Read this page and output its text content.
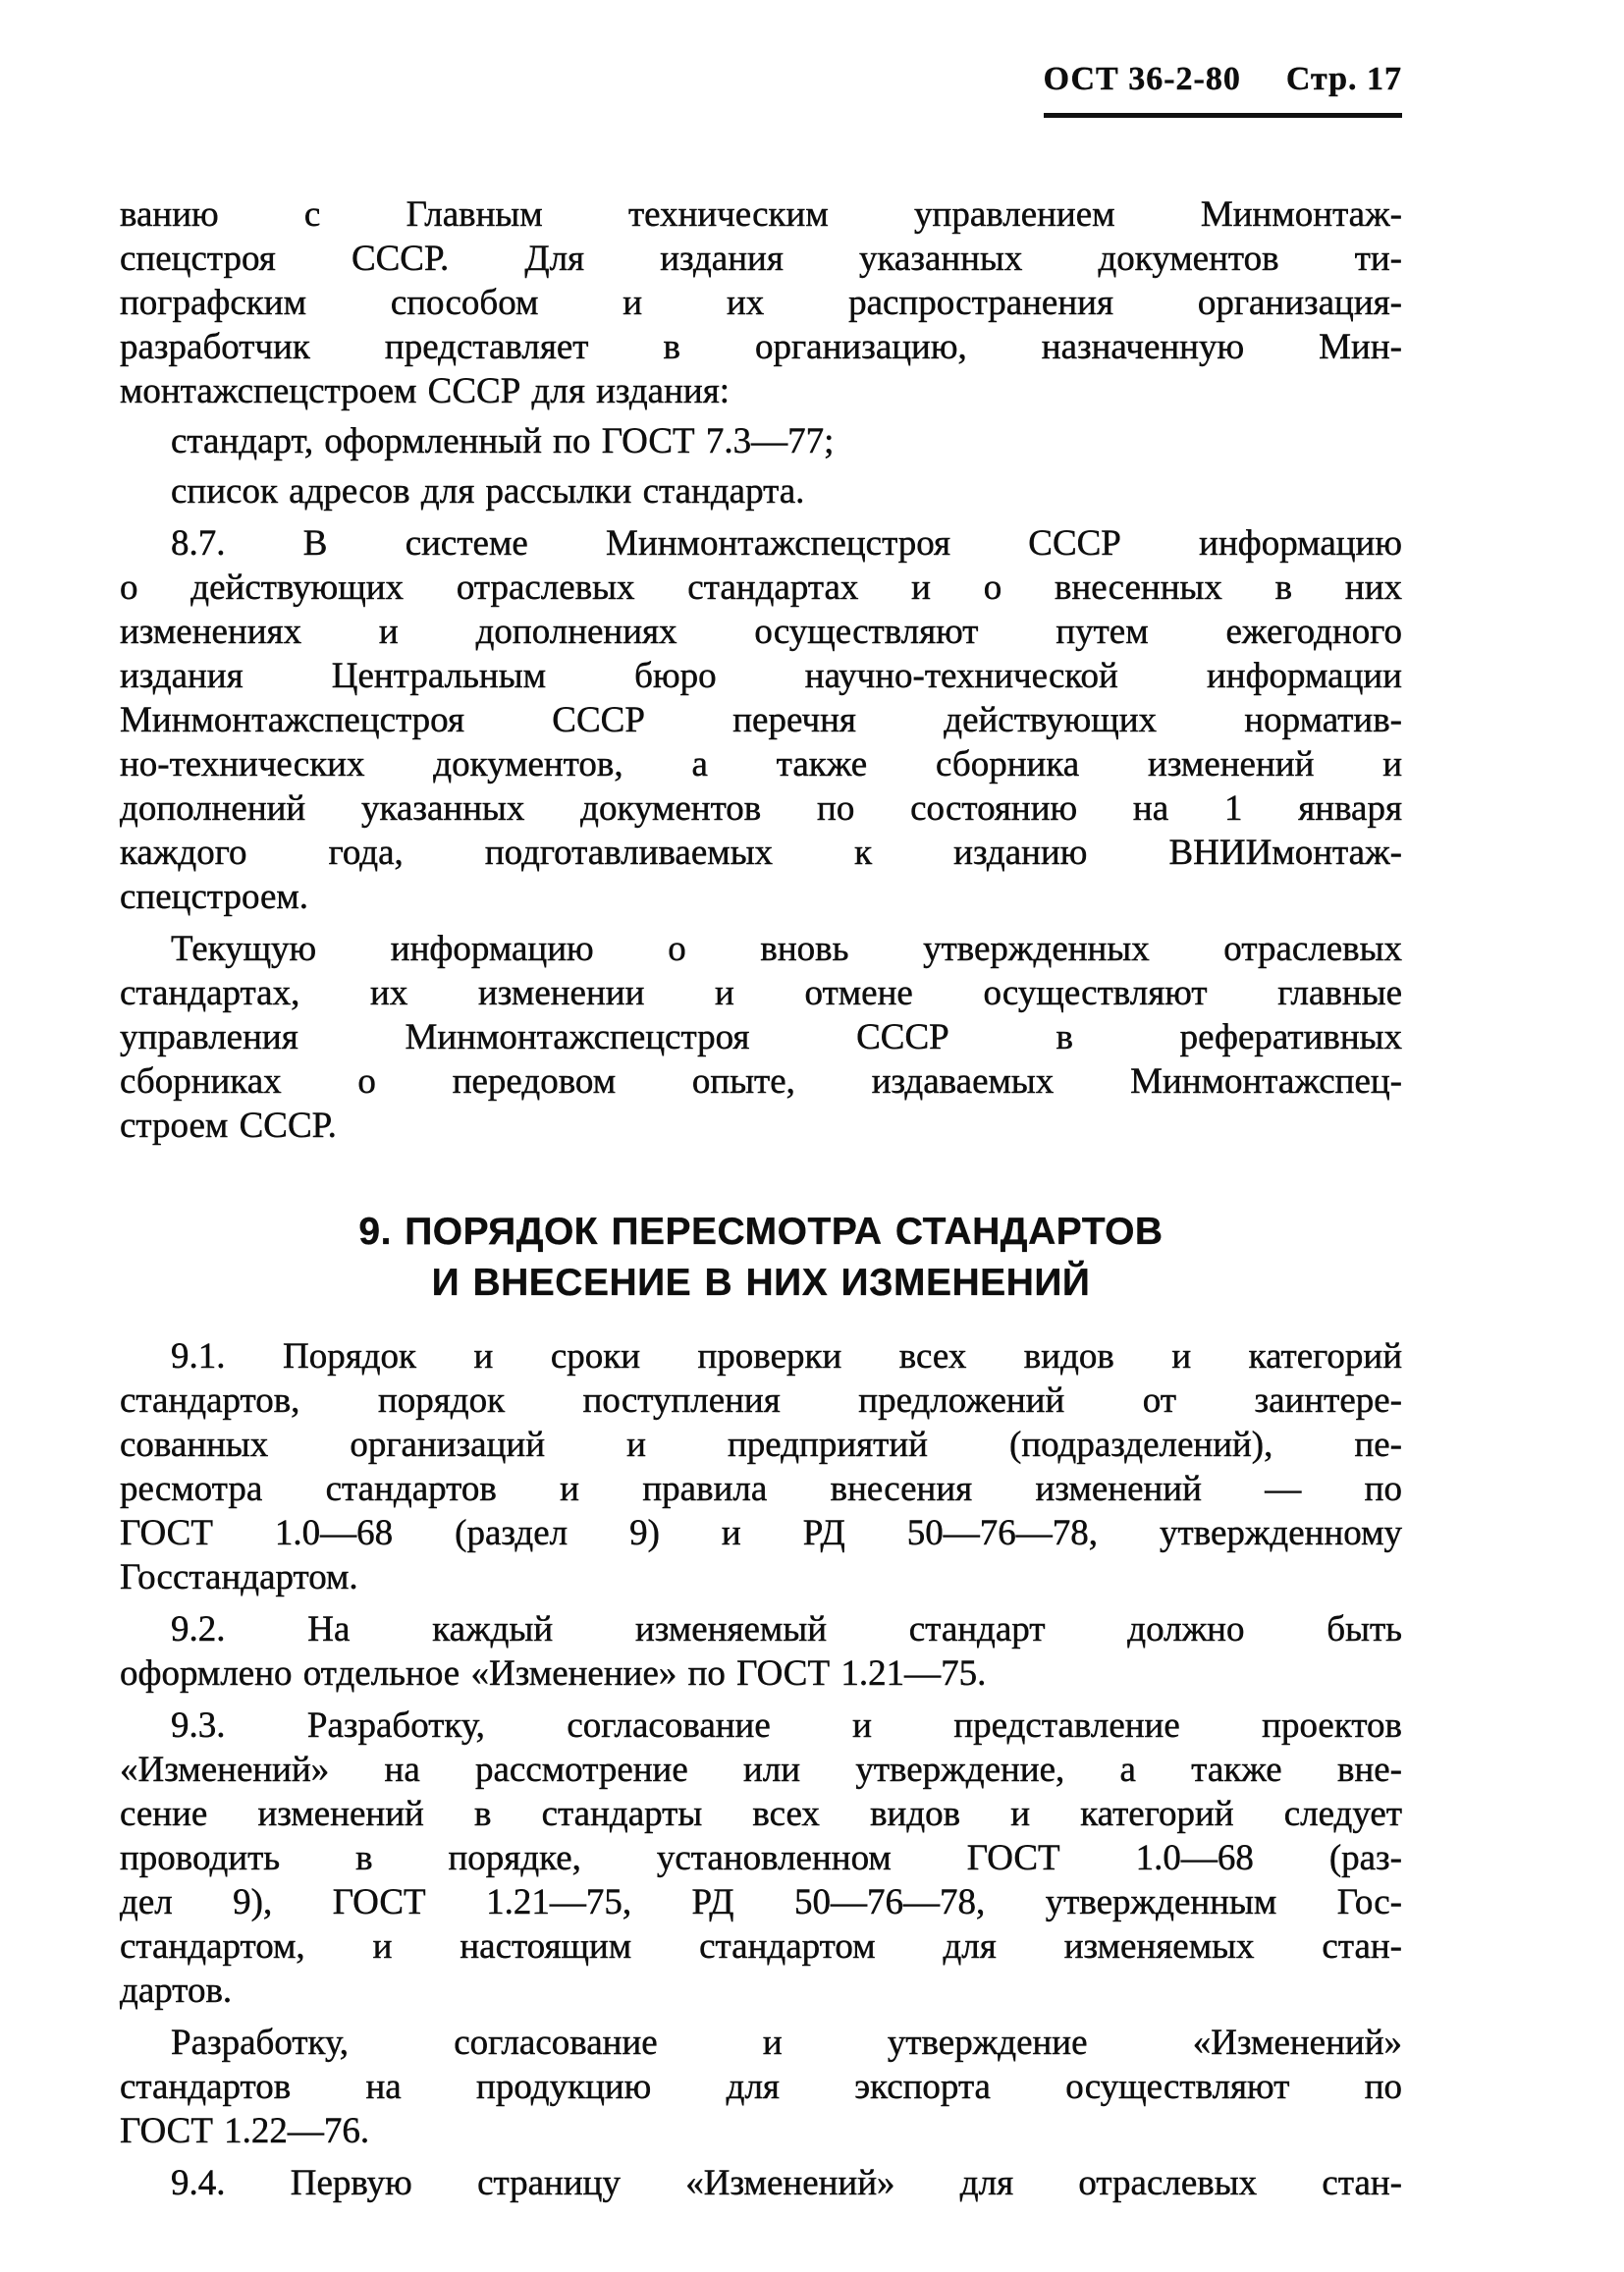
ОСТ 36-2-80 Стр. 17
ванию с Главным техническим управлением Минмонтаж-
спецстроя СССР. Для издания указанных документов ти-
пографским способом и их распространения организация-
разработчик представляет в организацию, назначенную Мин-
монтажспецстроем СССР для издания:
стандарт, оформленный по ГОСТ 7.3—77;
список адресов для рассылки стандарта.
8.7. В системе Минмонтажспецстроя СССР информацию
о действующих отраслевых стандартах и о внесенных в них
изменениях и дополнениях осуществляют путем ежегодного
издания Центральным бюро научно-технической информации
Минмонтажспецстроя СССР перечня действующих норматив-
но-технических документов, а также сборника изменений и
дополнений указанных документов по состоянию на 1 января
каждого года, подготавливаемых к изданию ВНИИмонтаж-
спецстроем.
Текущую информацию о вновь утвержденных отраслевых
стандартах, их изменении и отмене осуществляют главные
управления Минмонтажспецстроя СССР в реферативных
сборниках о передовом опыте, издаваемых Минмонтажспец-
строем СССР.
9. ПОРЯДОК ПЕРЕСМОТРА СТАНДАРТОВ
И ВНЕСЕНИЕ В НИХ ИЗМЕНЕНИЙ
9.1. Порядок и сроки проверки всех видов и категорий
стандартов, порядок поступления предложений от заинтере-
сованных организаций и предприятий (подразделений), пе-
ресмотра стандартов и правила внесения изменений — по
ГОСТ 1.0—68 (раздел 9) и РД 50—76—78, утвержденному
Госстандартом.
9.2. На каждый изменяемый стандарт должно быть
оформлено отдельное «Изменение» по ГОСТ 1.21—75.
9.3. Разработку, согласование и представление проектов
«Изменений» на рассмотрение или утверждение, а также вне-
сение изменений в стандарты всех видов и категорий следует
проводить в порядке, установленном ГОСТ 1.0—68 (раз-
дел 9), ГОСТ 1.21—75, РД 50—76—78, утвержденным Гос-
стандартом, и настоящим стандартом для изменяемых стан-
дартов.
Разработку, согласование и утверждение «Изменений»
стандартов на продукцию для экспорта осуществляют по
ГОСТ 1.22—76.
9.4. Первую страницу «Изменений» для отраслевых стан-
